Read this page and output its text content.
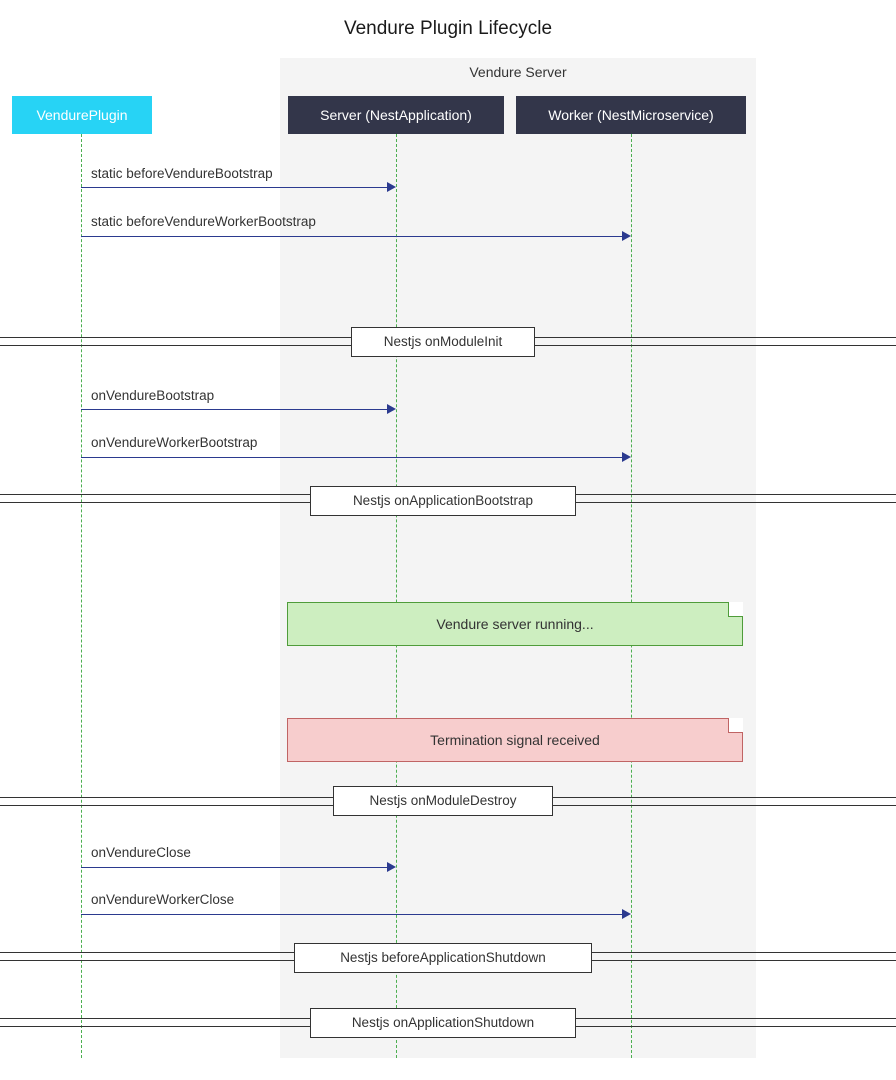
Vendure Plugin Lifecycle
Vendure Server
VendurePlugin	Server (NestApplication)	Worker (NestMicroservice)
static beforeVendureBootstrap
static beforeVendureWorkerBootstrap
Nestjs onModuleInit
onVendureBootstrap
onVendureWorkerBootstrap
Nestjs onApplicationBootstrap
Vendure server running...
Termination signal received
Nestjs onModuleDestroy
onVendureClose
onVendureWorkerClose
Nestjs beforeApplicationShutdown
Nestjs onApplicationShutdown
